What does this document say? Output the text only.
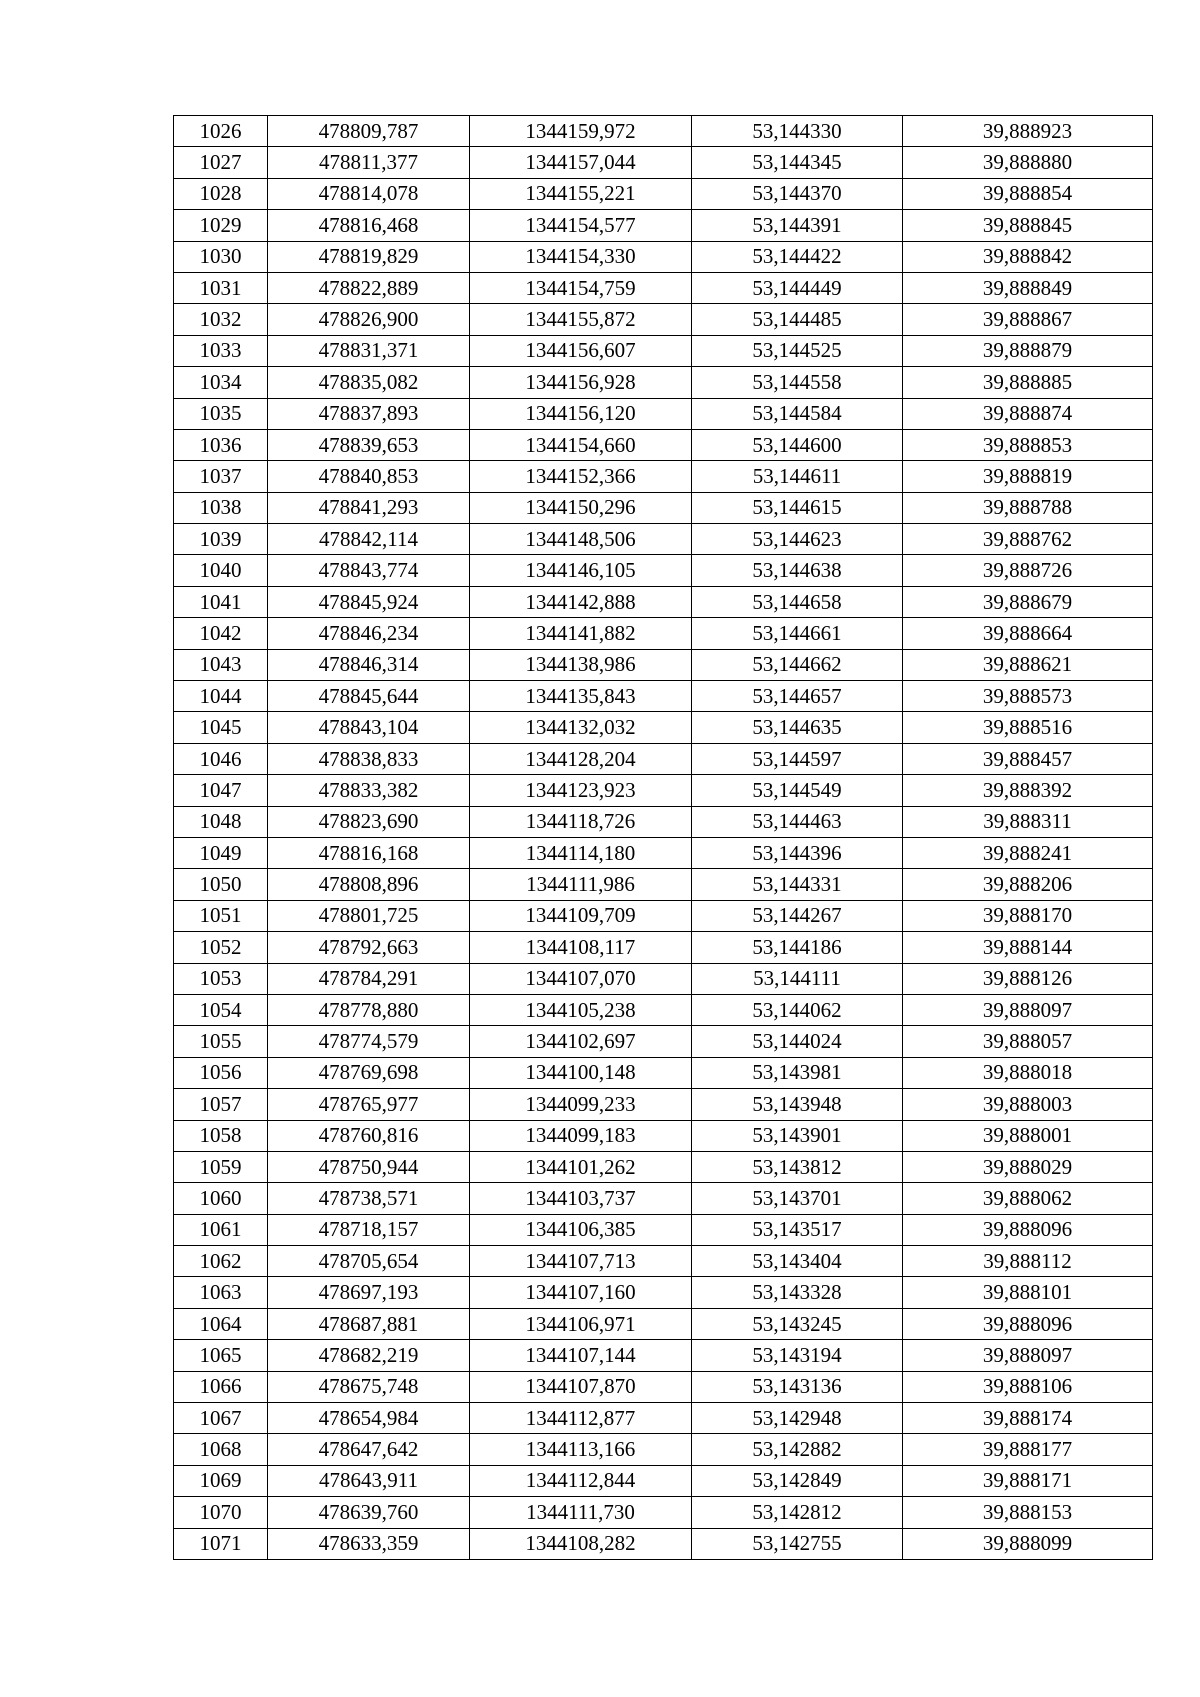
1026	478809,787	1344159,972	53,144330	39,888923
1027	478811,377	1344157,044	53,144345	39,888880
1028	478814,078	1344155,221	53,144370	39,888854
1029	478816,468	1344154,577	53,144391	39,888845
1030	478819,829	1344154,330	53,144422	39,888842
1031	478822,889	1344154,759	53,144449	39,888849
1032	478826,900	1344155,872	53,144485	39,888867
1033	478831,371	1344156,607	53,144525	39,888879
1034	478835,082	1344156,928	53,144558	39,888885
1035	478837,893	1344156,120	53,144584	39,888874
1036	478839,653	1344154,660	53,144600	39,888853
1037	478840,853	1344152,366	53,144611	39,888819
1038	478841,293	1344150,296	53,144615	39,888788
1039	478842,114	1344148,506	53,144623	39,888762
1040	478843,774	1344146,105	53,144638	39,888726
1041	478845,924	1344142,888	53,144658	39,888679
1042	478846,234	1344141,882	53,144661	39,888664
1043	478846,314	1344138,986	53,144662	39,888621
1044	478845,644	1344135,843	53,144657	39,888573
1045	478843,104	1344132,032	53,144635	39,888516
1046	478838,833	1344128,204	53,144597	39,888457
1047	478833,382	1344123,923	53,144549	39,888392
1048	478823,690	1344118,726	53,144463	39,888311
1049	478816,168	1344114,180	53,144396	39,888241
1050	478808,896	1344111,986	53,144331	39,888206
1051	478801,725	1344109,709	53,144267	39,888170
1052	478792,663	1344108,117	53,144186	39,888144
1053	478784,291	1344107,070	53,144111	39,888126
1054	478778,880	1344105,238	53,144062	39,888097
1055	478774,579	1344102,697	53,144024	39,888057
1056	478769,698	1344100,148	53,143981	39,888018
1057	478765,977	1344099,233	53,143948	39,888003
1058	478760,816	1344099,183	53,143901	39,888001
1059	478750,944	1344101,262	53,143812	39,888029
1060	478738,571	1344103,737	53,143701	39,888062
1061	478718,157	1344106,385	53,143517	39,888096
1062	478705,654	1344107,713	53,143404	39,888112
1063	478697,193	1344107,160	53,143328	39,888101
1064	478687,881	1344106,971	53,143245	39,888096
1065	478682,219	1344107,144	53,143194	39,888097
1066	478675,748	1344107,870	53,143136	39,888106
1067	478654,984	1344112,877	53,142948	39,888174
1068	478647,642	1344113,166	53,142882	39,888177
1069	478643,911	1344112,844	53,142849	39,888171
1070	478639,760	1344111,730	53,142812	39,888153
1071	478633,359	1344108,282	53,142755	39,888099
